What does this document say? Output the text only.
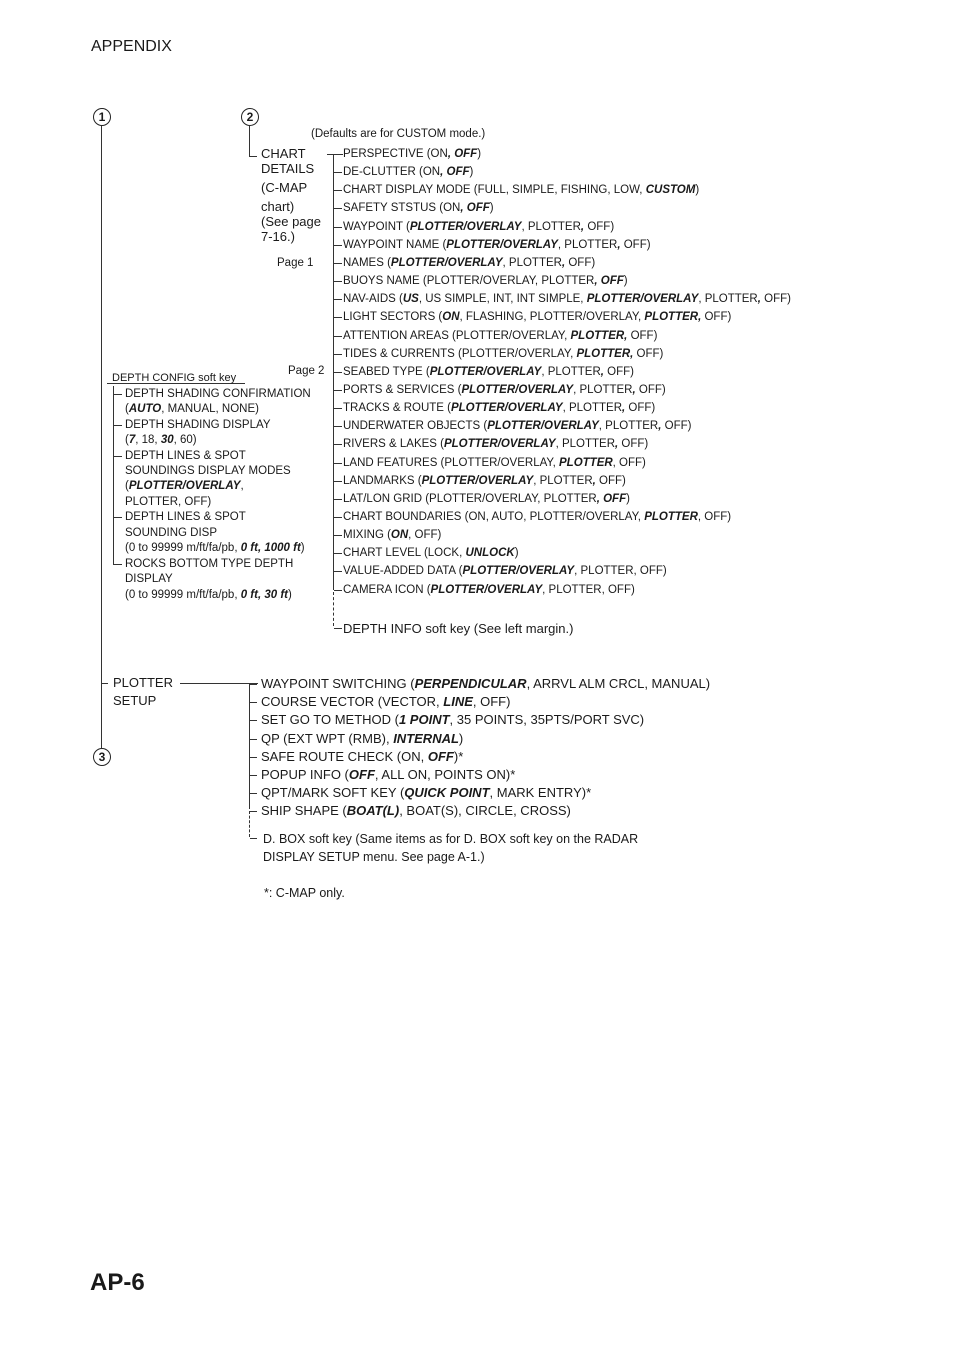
APPENDIX
1	2
3
(Defaults are for CUSTOM mode.)
CHART
DETAILS
(C-MAP
chart)
(See page
7-16.)
Page 1
Page 2
PERSPECTIVE (ON, OFF)
DE-CLUTTER (ON, OFF)
CHART DISPLAY MODE (FULL, SIMPLE, FISHING, LOW, CUSTOM)
SAFETY STSTUS (ON, OFF)
WAYPOINT (PLOTTER/OVERLAY, PLOTTER, OFF)
WAYPOINT NAME (PLOTTER/OVERLAY, PLOTTER, OFF)
NAMES (PLOTTER/OVERLAY, PLOTTER, OFF)
BUOYS NAME (PLOTTER/OVERLAY, PLOTTER, OFF)
NAV-AIDS (US, US SIMPLE, INT, INT SIMPLE, PLOTTER/OVERLAY, PLOTTER, OFF)
LIGHT SECTORS (ON, FLASHING, PLOTTER/OVERLAY, PLOTTER, OFF)
ATTENTION AREAS (PLOTTER/OVERLAY, PLOTTER, OFF)
TIDES & CURRENTS (PLOTTER/OVERLAY, PLOTTER, OFF)
SEABED TYPE (PLOTTER/OVERLAY, PLOTTER, OFF)
PORTS & SERVICES (PLOTTER/OVERLAY, PLOTTER, OFF)
TRACKS & ROUTE (PLOTTER/OVERLAY, PLOTTER, OFF)
UNDERWATER OBJECTS (PLOTTER/OVERLAY, PLOTTER, OFF)
RIVERS & LAKES (PLOTTER/OVERLAY, PLOTTER, OFF)
LAND FEATURES (PLOTTER/OVERLAY, PLOTTER, OFF)
LANDMARKS (PLOTTER/OVERLAY, PLOTTER, OFF)
LAT/LON GRID (PLOTTER/OVERLAY, PLOTTER, OFF)
CHART BOUNDARIES (ON, AUTO, PLOTTER/OVERLAY, PLOTTER, OFF)
MIXING (ON, OFF)
CHART LEVEL (LOCK, UNLOCK)
VALUE-ADDED DATA (PLOTTER/OVERLAY, PLOTTER, OFF)
CAMERA ICON (PLOTTER/OVERLAY, PLOTTER, OFF)
DEPTH INFO soft key (See left margin.)
DEPTH CONFIG soft key
DEPTH SHADING CONFIRMATION
(AUTO, MANUAL, NONE)
DEPTH SHADING DISPLAY
(7, 18, 30, 60)
DEPTH LINES & SPOT
SOUNDINGS DISPLAY MODES
(PLOTTER/OVERLAY,
PLOTTER, OFF)
DEPTH LINES & SPOT
SOUNDING DISP
(0 to 99999 m/ft/fa/pb, 0 ft, 1000 ft)
ROCKS BOTTOM TYPE DEPTH
DISPLAY
(0 to 99999 m/ft/fa/pb, 0 ft, 30 ft)
PLOTTER
SETUP
WAYPOINT SWITCHING (PERPENDICULAR, ARRVL ALM CRCL, MANUAL)
COURSE VECTOR (VECTOR, LINE, OFF)
SET GO TO METHOD (1 POINT, 35 POINTS, 35PTS/PORT SVC)
QP (EXT WPT (RMB), INTERNAL)
SAFE ROUTE CHECK (ON, OFF)*
POPUP INFO (OFF, ALL ON, POINTS ON)*
QPT/MARK SOFT KEY (QUICK POINT, MARK ENTRY)*
SHIP SHAPE (BOAT(L), BOAT(S), CIRCLE, CROSS)
D. BOX soft key (Same items as for D. BOX soft key on the RADAR
DISPLAY SETUP menu. See page A-1.)
*: C-MAP only.
AP-6
